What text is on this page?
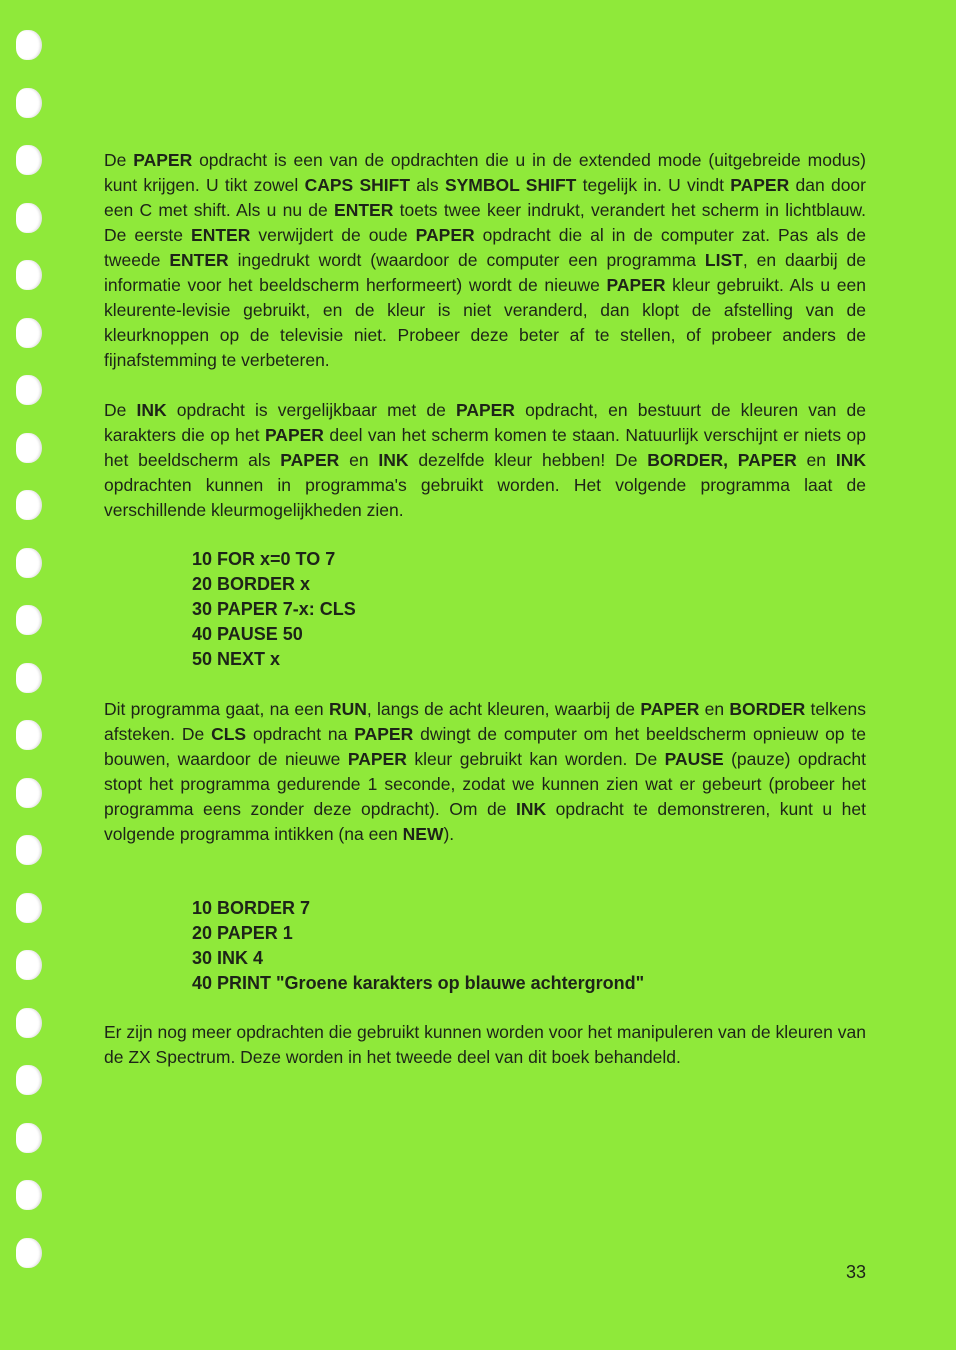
De PAPER opdracht is een van de opdrachten die u in de extended mode (uitgebreide modus) kunt krijgen. U tikt zowel CAPS SHIFT als SYMBOL SHIFT tegelijk in. U vindt PAPER dan door een C met shift. Als u nu de ENTER toets twee keer indrukt, verandert het scherm in lichtblauw. De eerste ENTER verwijdert de oude PAPER opdracht die al in de computer zat. Pas als de tweede ENTER ingedrukt wordt (waardoor de computer een programma LIST, en daarbij de informatie voor het beeldscherm herformeert) wordt de nieuwe PAPER kleur gebruikt. Als u een kleurente-levisie gebruikt, en de kleur is niet veranderd, dan klopt de afstelling van de kleurknoppen op de televisie niet. Probeer deze beter af te stellen, of probeer anders de fijnafstemming te verbeteren.

De INK opdracht is vergelijkbaar met de PAPER opdracht, en bestuurt de kleuren van de karakters die op het PAPER deel van het scherm komen te staan. Natuurlijk verschijnt er niets op het beeldscherm als PAPER en INK dezelfde kleur hebben! De BORDER, PAPER en INK opdrachten kunnen in programma's gebruikt worden. Het volgende programma laat de verschillende kleurmogelijkheden zien.

10 FOR x=0 TO 7
20 BORDER x
30 PAPER 7-x: CLS
40 PAUSE 50
50 NEXT x

Dit programma gaat, na een RUN, langs de acht kleuren, waarbij de PAPER en BORDER telkens afsteken. De CLS opdracht na PAPER dwingt de computer om het beeldscherm opnieuw op te bouwen, waardoor de nieuwe PAPER kleur gebruikt kan worden. De PAUSE (pauze) opdracht stopt het programma gedurende 1 seconde, zodat we kunnen zien wat er gebeurt (probeer het programma eens zonder deze opdracht). Om de INK opdracht te demonstreren, kunt u het volgende programma intikken (na een NEW).

10 BORDER 7
20 PAPER 1
30 INK 4
40 PRINT "Groene karakters op blauwe achtergrond"

Er zijn nog meer opdrachten die gebruikt kunnen worden voor het manipuleren van de kleuren van de ZX Spectrum. Deze worden in het tweede deel van dit boek behandeld.

33
